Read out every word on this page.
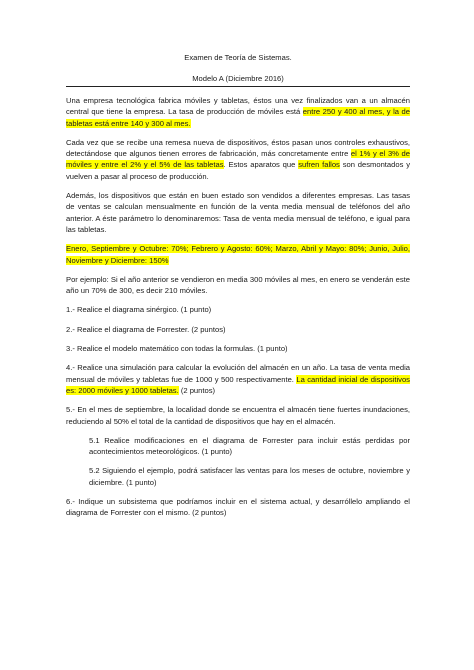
Examen de Teoría de Sistemas.
Modelo A (Diciembre 2016)

Una empresa tecnológica fabrica móviles y tabletas, éstos una vez finalizados van a un almacén central que tiene la empresa. La tasa de producción de móviles está entre 250 y 400 al mes, y la de tabletas está entre 140 y 300 al mes.

Cada vez que se recibe una remesa nueva de dispositivos, éstos pasan unos controles exhaustivos, detectándose que algunos tienen errores de fabricación, más concretamente entre el 1% y el 3% de móviles y entre el 2% y el 5% de las tabletas. Estos aparatos que sufren fallos son desmontados y vuelven a pasar al proceso de producción.

Además, los dispositivos que están en buen estado son vendidos a diferentes empresas. Las tasas de ventas se calculan mensualmente en función de la venta media mensual de teléfonos del año anterior. A éste parámetro lo denominaremos: Tasa de venta media mensual de teléfono, e igual para las tabletas.

Enero, Septiembre y Octubre: 70%; Febrero y Agosto: 60%; Marzo, Abril y Mayo: 80%; Junio, Julio, Noviembre y Diciembre: 150%

Por ejemplo: Si el año anterior se vendieron en media 300 móviles al mes, en enero se venderán este año un 70% de 300, es decir 210 móviles.

1.- Realice el diagrama sinérgico. (1 punto)

2.- Realice el diagrama de Forrester. (2 puntos)

3.- Realice el modelo matemático con todas la formulas. (1 punto)

4.- Realice una simulación para calcular la evolución del almacén en un año. La tasa de venta media mensual de móviles y tabletas fue de 1000 y 500 respectivamente. La cantidad inicial de dispositivos es: 2000 móviles y 1000 tabletas. (2 puntos)

5.- En el mes de septiembre, la localidad donde se encuentra el almacén tiene fuertes inundaciones, reduciendo al 50% el total de la cantidad de dispositivos que hay en el almacén.

5.1 Realice modificaciones en el diagrama de Forrester para incluir estás perdidas por acontecimientos meteorológicos. (1 punto)

5.2 Siguiendo el ejemplo, podrá satisfacer las ventas para los meses de octubre, noviembre y diciembre. (1 punto)

6.- Indique un subsistema que podríamos incluir en el sistema actual, y desarróllelo ampliando el diagrama de Forrester con el mismo. (2 puntos)
